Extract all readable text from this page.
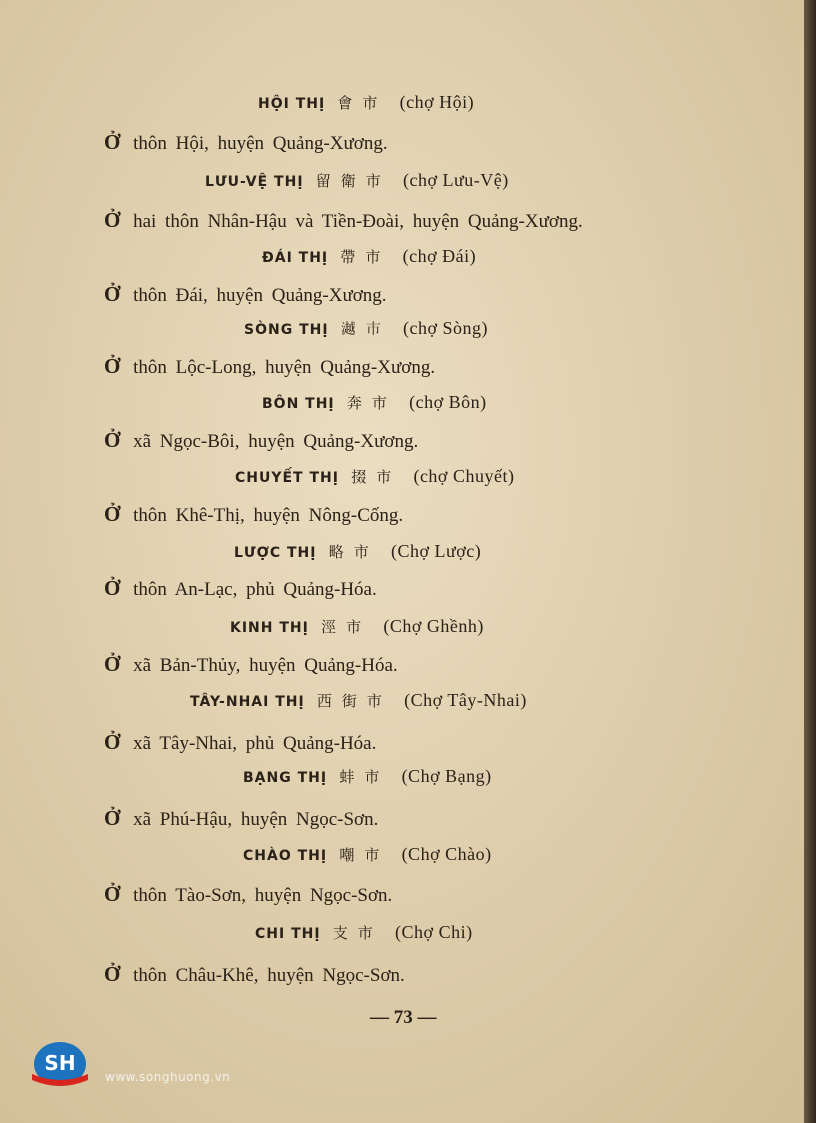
HỘI THỊ 會市 (chợ Hội)
Ở thôn Hội, huyện Quảng-Xương.
LƯU-VỆ THỊ 留衛市 (chợ Lưu-Vệ)
Ở hai thôn Nhân-Hậu và Tiền-Đoài, huyện Quảng-Xương.
ĐÁI THỊ 帶市 (chợ Đái)
Ở thôn Đái, huyện Quảng-Xương.
SÒNG THỊ 𣾼市 (chợ Sòng)
Ở thôn Lộc-Long, huyện Quảng-Xương.
BÔN THỊ 奔市 (chợ Bôn)
Ở xã Ngọc-Bôi, huyện Quảng-Xương.
CHUYẾT THỊ 掇市 (chợ Chuyết)
Ở thôn Khê-Thị, huyện Nông-Cống.
LƯỢC THỊ 略市 (Chợ Lược)
Ở thôn An-Lạc, phủ Quảng-Hóa.
KINH THỊ 涇市 (Chợ Ghềnh)
Ở xã Bản-Thủy, huyện Quảng-Hóa.
TÂY-NHAI THỊ 西街市 (Chợ Tây-Nhai)
Ở xã Tây-Nhai, phủ Quảng-Hóa.
BẠNG THỊ 蚌市 (Chợ Bạng)
Ở xã Phú-Hậu, huyện Ngọc-Sơn.
CHÀO THỊ 嘲市 (Chợ Chào)
Ở thôn Tào-Sơn, huyện Ngọc-Sơn.
CHI THỊ 支市 (Chợ Chi)
Ở thôn Châu-Khê, huyện Ngọc-Sơn.
— 73 —
SH
www.songhuong.vn
